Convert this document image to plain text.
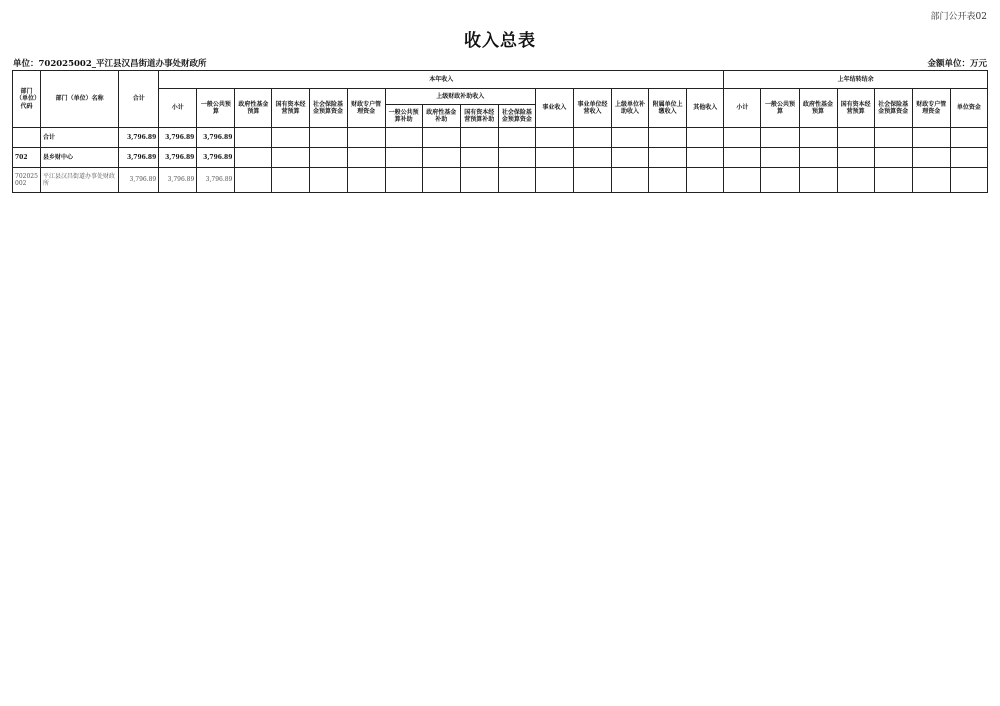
部门公开表02
收入总表
单位：702025002_平江县汉昌街道办事处财政所	金额单位：万元
部门（单位）代码	部门（单位）名称	合计	本年收入															上年结转结余						
			小计	一般公共预算	政府性基金预算	国有资本经营预算	社会保险基金预算资金	财政专户管理资金	上级财政补助收入				事业收入	事业单位经营收入	上级单位补助收入	附属单位上缴收入	其他收入	小计	一般公共预算	政府性基金预算	国有资本经营预算	社会保险基金预算资金	财政专户管理资金	单位资金
									一般公共预算补助	政府性基金补助	国有资本经营预算补助	社会保险基金预算资金												
	合计	3,796.89	3,796.89	3,796.89																				
702	县乡财中心	3,796.89	3,796.89	3,796.89																				
702025002	平江县汉昌街道办事处财政所	3,796.89	3,796.89	3,796.89																				
